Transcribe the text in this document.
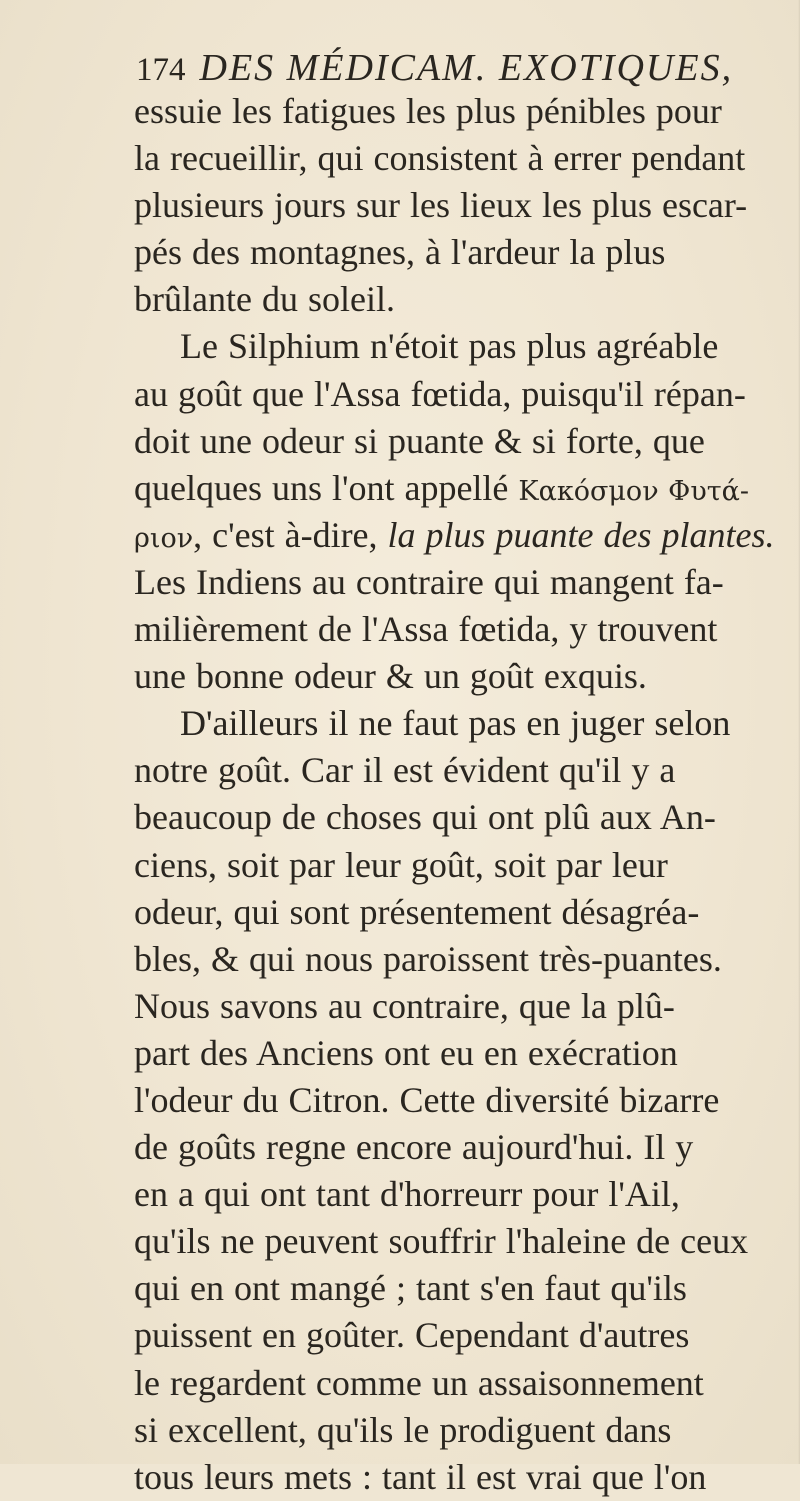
174 DES MÉDICAM. EXOTIQUES,
essuie les fatigues les plus pénibles pour
la recueillir, qui consistent à errer pendant
plusieurs jours sur les lieux les plus escar-
pés des montagnes, à l'ardeur la plus
brûlante du soleil.
Le Silphium n'étoit pas plus agréable
au goût que l'Assa fœtida, puisqu'il répan-
doit une odeur si puante & si forte, que
quelques uns l'ont appellé Κακόσμον Φυτά-
ριον, c'est à-dire, la plus puante des plantes.
Les Indiens au contraire qui mangent fa-
milièrement de l'Assa fœtida, y trouvent
une bonne odeur & un goût exquis.
D'ailleurs il ne faut pas en juger selon
notre goût. Car il est évident qu'il y a
beaucoup de choses qui ont plû aux An-
ciens, soit par leur goût, soit par leur
odeur, qui sont présentement désagréa-
bles, & qui nous paroissent très-puantes.
Nous savons au contraire, que la plû-
part des Anciens ont eu en exécration
l'odeur du Citron. Cette diversité bizarre
de goûts regne encore aujourd'hui. Il y
en a qui ont tant d'horreurr pour l'Ail,
qu'ils ne peuvent souffrir l'haleine de ceux
qui en ont mangé ; tant s'en faut qu'ils
puissent en goûter. Cependant d'autres
le regardent comme un assaisonnement
si excellent, qu'ils le prodiguent dans
tous leurs mets : tant il est vrai que l'on
